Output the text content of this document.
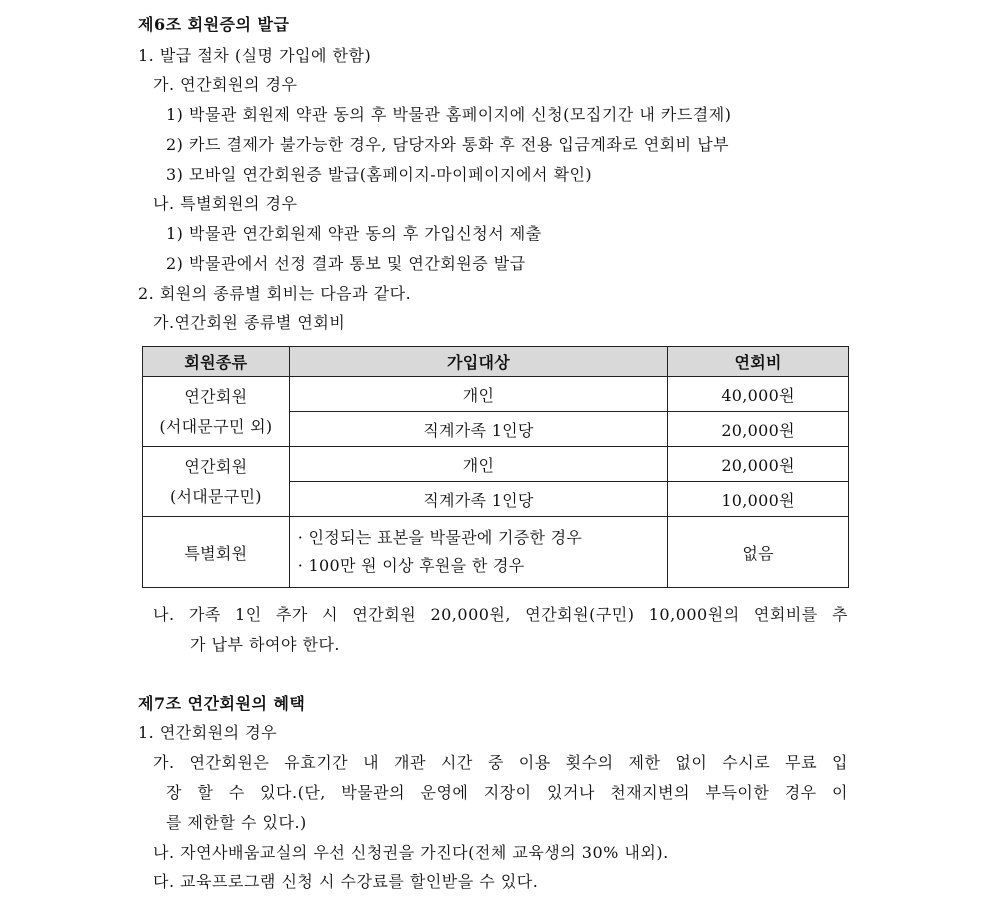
제6조 회원증의 발급
1. 발급 절차 (실명 가입에 한함)
가. 연간회원의 경우
1) 박물관 회원제 약관 동의 후 박물관 홈페이지에 신청(모집기간 내 카드결제)
2) 카드 결제가 불가능한 경우, 담당자와 통화 후 전용 입금계좌로 연회비 납부
3) 모바일 연간회원증 발급(홈페이지-마이페이지에서 확인)
나. 특별회원의 경우
1) 박물관 연간회원제 약관 동의 후 가입신청서 제출
2) 박물관에서 선정 결과 통보 및 연간회원증 발급
2. 회원의 종류별 회비는 다음과 같다.
가.연간회원 종류별 연회비
회원종류	가입대상	연회비

연간회원
(서대문구민 외)	개인	40,000원
	직계가족 1인당	20,000원

연간회원
(서대문구민)	개인	20,000원
	직계가족 1인당	10,000원
특별회원	· 인정되는 표본을 박물관에 기증한 경우
· 100만 원 이상 후원을 한 경우	없음
나. 가족 1인 추가 시 연간회원 20,000원, 연간회원(구민) 10,000원의 연회비를 추
가 납부 하여야 한다.
제7조 연간회원의 혜택
1. 연간회원의 경우
가. 연간회원은 유효기간 내 개관 시간 중 이용 횟수의 제한 없이 수시로 무료 입
장 할 수 있다.(단, 박물관의 운영에 지장이 있거나 천재지변의 부득이한 경우 이
를 제한할 수 있다.)
나. 자연사배움교실의 우선 신청권을 가진다(전체 교육생의 30% 내외).
다. 교육프로그램 신청 시 수강료를 할인받을 수 있다.
